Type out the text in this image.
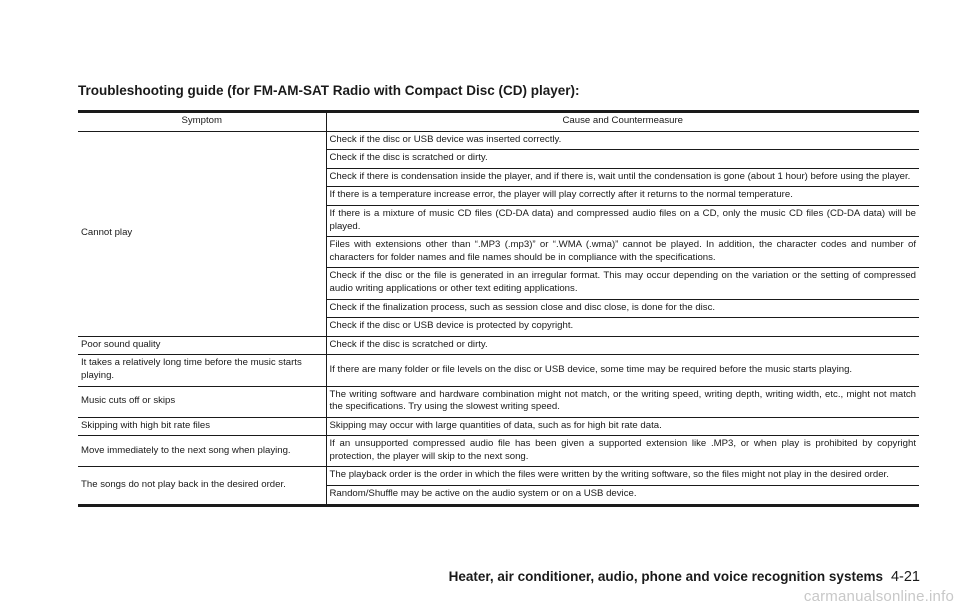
Troubleshooting guide (for FM-AM-SAT Radio with Compact Disc (CD) player):
Symptom	Cause and Countermeasure
Cannot play	Check if the disc or USB device was inserted correctly.
	Check if the disc is scratched or dirty.
	Check if there is condensation inside the player, and if there is, wait until the condensation is gone (about 1 hour) before using the player.
	If there is a temperature increase error, the player will play correctly after it returns to the normal temperature.
	If there is a mixture of music CD files (CD-DA data) and compressed audio files on a CD, only the music CD files (CD-DA data) will be played.
	Files with extensions other than “.MP3 (.mp3)” or “.WMA (.wma)” cannot be played. In addition, the character codes and number of characters for folder names and file names should be in compliance with the specifications.
	Check if the disc or the file is generated in an irregular format. This may occur depending on the variation or the setting of compressed audio writing applications or other text editing applications.
	Check if the finalization process, such as session close and disc close, is done for the disc.
	Check if the disc or USB device is protected by copyright.
Poor sound quality	Check if the disc is scratched or dirty.
It takes a relatively long time before the music starts playing.	If there are many folder or file levels on the disc or USB device, some time may be required before the music starts playing.
Music cuts off or skips	The writing software and hardware combination might not match, or the writing speed, writing depth, writing width, etc., might not match the specifications. Try using the slowest writing speed.
Skipping with high bit rate files	Skipping may occur with large quantities of data, such as for high bit rate data.
Move immediately to the next song when playing.	If an unsupported compressed audio file has been given a supported extension like .MP3, or when play is prohibited by copyright protection, the player will skip to the next song.
The songs do not play back in the desired order.	The playback order is the order in which the files were written by the writing software, so the files might not play in the desired order.
	Random/Shuffle may be active on the audio system or on a USB device.
Heater, air conditioner, audio, phone and voice recognition systems 4-21
carmanualsonline.info
